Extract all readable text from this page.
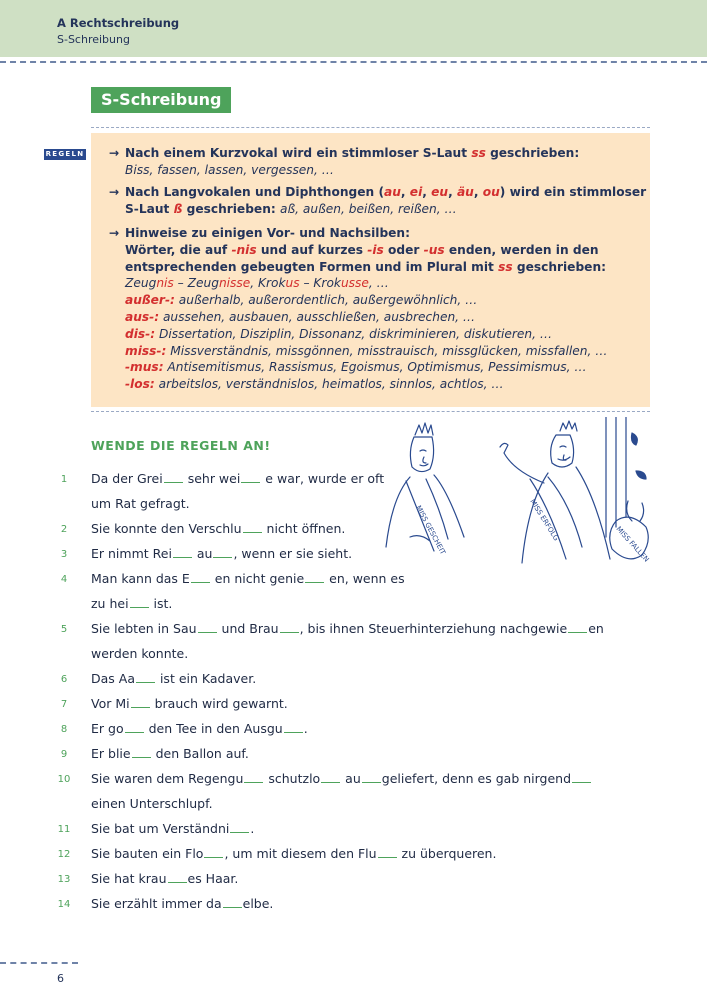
A Rechtschreibung
S-Schreibung
S-Schreibung
REGELN → Nach einem Kurzvokal wird ein stimmloser S-Laut ss geschrieben:
Biss, fassen, lassen, vergessen, …
→ Nach Langvokalen und Diphthongen (au, ei, eu, äu, ou) wird ein stimmloser
S-Laut ß geschrieben: aß, außen, beißen, reißen, …
→ Hinweise zu einigen Vor- und Nachsilben:
Wörter, die auf -nis und auf kurzes -is oder -us enden, werden in den
entsprechenden gebeugten Formen und im Plural mit ss geschrieben:
Zeugnis – Zeugnisse, Krokus – Krokusse, …
außer-: außerhalb, außerordentlich, außergewöhnlich, …
aus-: aussehen, ausbauen, ausschließen, ausbrechen, …
dis-: Dissertation, Disziplin, Dissonanz, diskriminieren, diskutieren, …
miss-: Missverständnis, missgönnen, misstrauisch, missglücken, missfallen, …
-mus: Antisemitismus, Rassismus, Egoismus, Optimismus, Pessimismus, …
-los: arbeitslos, verständnislos, heimatlos, sinnlos, achtlos, …
WENDE DIE REGELN AN!
MISS GESCHEIT	MISS ERFOLG
MISS FALLEN
1	Da der Grei sehr wei e war, wurde er oft
um Rat gefragt.
2	Sie konnte den Verschlu nicht öffnen.
3	Er nimmt Rei au , wenn er sie sieht.
4	Man kann das E en nicht genie en, wenn es
zu hei ist.
5	Sie lebten in Sau und Brau , bis ihnen Steuerhinterziehung nachgewie en
werden konnte.
6	Das Aa ist ein Kadaver.
7	Vor Mi brauch wird gewarnt.
8	Er go den Tee in den Ausgu .
9	Er blie den Ballon auf.
10 Sie waren dem Regengu schutzlo au geliefert, denn es gab nirgend
einen Unterschlupf.
11 Sie bat um Verständni .
12 Sie bauten ein Flo , um mit diesem den Flu zu überqueren.
13 Sie hat krau es Haar.
14 Sie erzählt immer da elbe.
6
